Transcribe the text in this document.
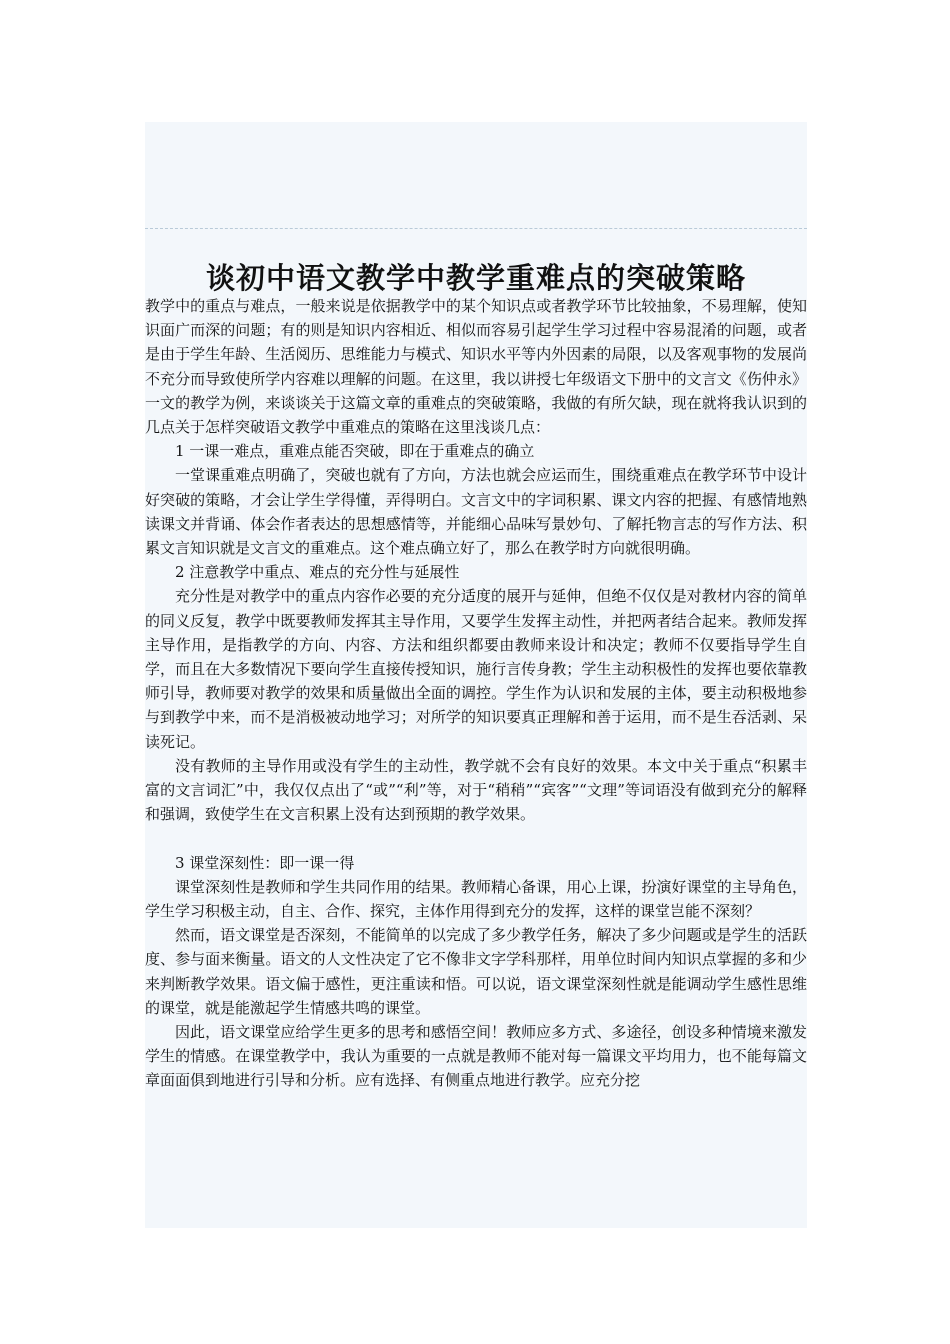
谈初中语文教学中教学重难点的突破策略

教学中的重点与难点，一般来说是依据教学中的某个知识点或者教学环节比较抽象，不易理解，使知识面广而深的问题；有的则是知识内容相近、相似而容易引起学生学习过程中容易混淆的问题，或者是由于学生年龄、生活阅历、思维能力与模式、知识水平等内外因素的局限，以及客观事物的发展尚不充分而导致使所学内容难以理解的问题。在这里，我以讲授七年级语文下册中的文言文《伤仲永》一文的教学为例，来谈谈关于这篇文章的重难点的突破策略，我做的有所欠缺，现在就将我认识到的几点关于怎样突破语文教学中重难点的策略在这里浅谈几点：

1 一课一难点，重难点能否突破，即在于重难点的确立

一堂课重难点明确了，突破也就有了方向，方法也就会应运而生，围绕重难点在教学环节中设计好突破的策略，才会让学生学得懂，弄得明白。文言文中的字词积累、课文内容的把握、有感情地熟读课文并背诵、体会作者表达的思想感情等，并能细心品味写景妙句、了解托物言志的写作方法、积累文言知识就是文言文的重难点。这个难点确立好了，那么在教学时方向就很明确。

2 注意教学中重点、难点的充分性与延展性

充分性是对教学中的重点内容作必要的充分适度的展开与延伸，但绝不仅仅是对教材内容的简单的同义反复，教学中既要教师发挥其主导作用，又要学生发挥主动性，并把两者结合起来。教师发挥主导作用，是指教学的方向、内容、方法和组织都要由教师来设计和决定；教师不仅要指导学生自学，而且在大多数情况下要向学生直接传授知识，施行言传身教；学生主动积极性的发挥也要依靠教师引导，教师要对教学的效果和质量做出全面的调控。学生作为认识和发展的主体，要主动积极地参与到教学中来，而不是消极被动地学习；对所学的知识要真正理解和善于运用，而不是生吞活剥、呆读死记。

没有教师的主导作用或没有学生的主动性，教学就不会有良好的效果。本文中关于重点“积累丰富的文言词汇”中，我仅仅点出了“或”“利”等，对于“稍稍”“宾客”“文理”等词语没有做到充分的解释和强调，致使学生在文言积累上没有达到预期的教学效果。

3 课堂深刻性：即一课一得

课堂深刻性是教师和学生共同作用的结果。教师精心备课，用心上课，扮演好课堂的主导角色，学生学习积极主动，自主、合作、探究，主体作用得到充分的发挥，这样的课堂岂能不深刻？

然而，语文课堂是否深刻，不能简单的以完成了多少教学任务，解决了多少问题或是学生的活跃度、参与面来衡量。语文的人文性决定了它不像非文字学科那样，用单位时间内知识点掌握的多和少来判断教学效果。语文偏于感性，更注重读和悟。可以说，语文课堂深刻性就是能调动学生感性思维的课堂，就是能激起学生情感共鸣的课堂。

因此，语文课堂应给学生更多的思考和感悟空间！教师应多方式、多途径，创设多种情境来激发学生的情感。在课堂教学中，我认为重要的一点就是教师不能对每一篇课文平均用力，也不能每篇文章面面俱到地进行引导和分析。应有选择、有侧重点地进行教学。应充分挖
